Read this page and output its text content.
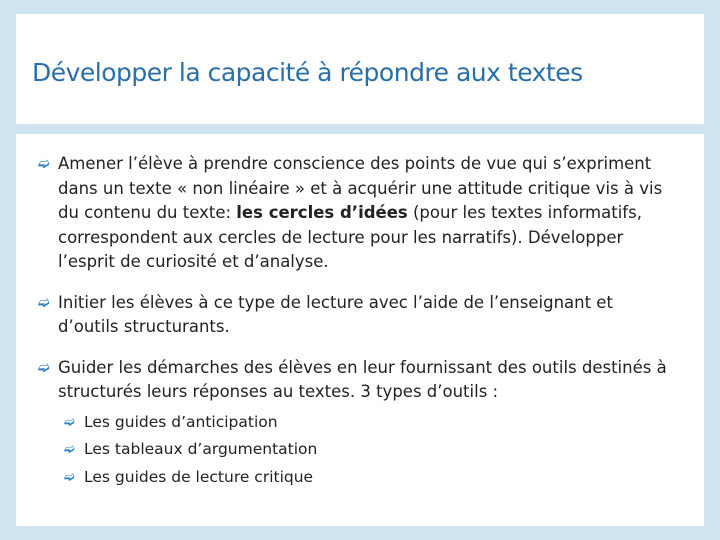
Développer la capacité à répondre aux textes
➫ Amener l’élève à prendre conscience des points de vue qui s’expriment dans un texte « non linéaire » et à acquérir une attitude critique vis à vis du contenu du texte: les cercles d’idées (pour les textes informatifs, correspondent aux cercles de lecture pour les narratifs). Développer l’esprit de curiosité et d’analyse.
➫ Initier les élèves à ce type de lecture avec l’aide de l’enseignant et d’outils structurants.
➫ Guider les démarches des élèves en leur fournissant des outils destinés à structurés leurs réponses au textes. 3 types d’outils :
➫ Les guides d’anticipation
➫ Les tableaux d’argumentation
➫ Les guides de lecture critique
